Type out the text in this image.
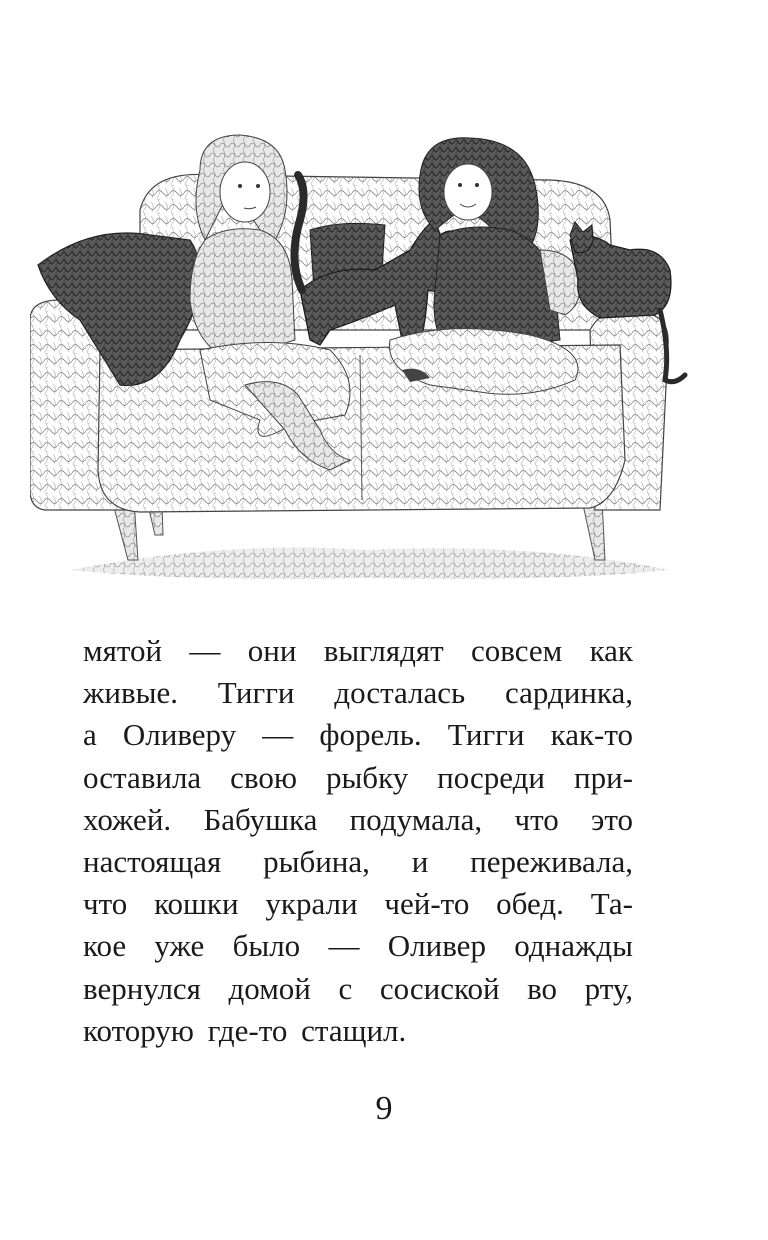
мятой — они выглядят совсем как
живые. Тигги досталась сардинка,
а Оливеру — форель. Тигги как-то
оставила свою рыбку посреди при-
хожей. Бабушка подумала, что это
настоящая рыбина, и переживала,
что кошки украли чей-то обед. Та-
кое уже было — Оливер однажды
вернулся домой с сосиской во рту,
которую где-то стащил.
9
